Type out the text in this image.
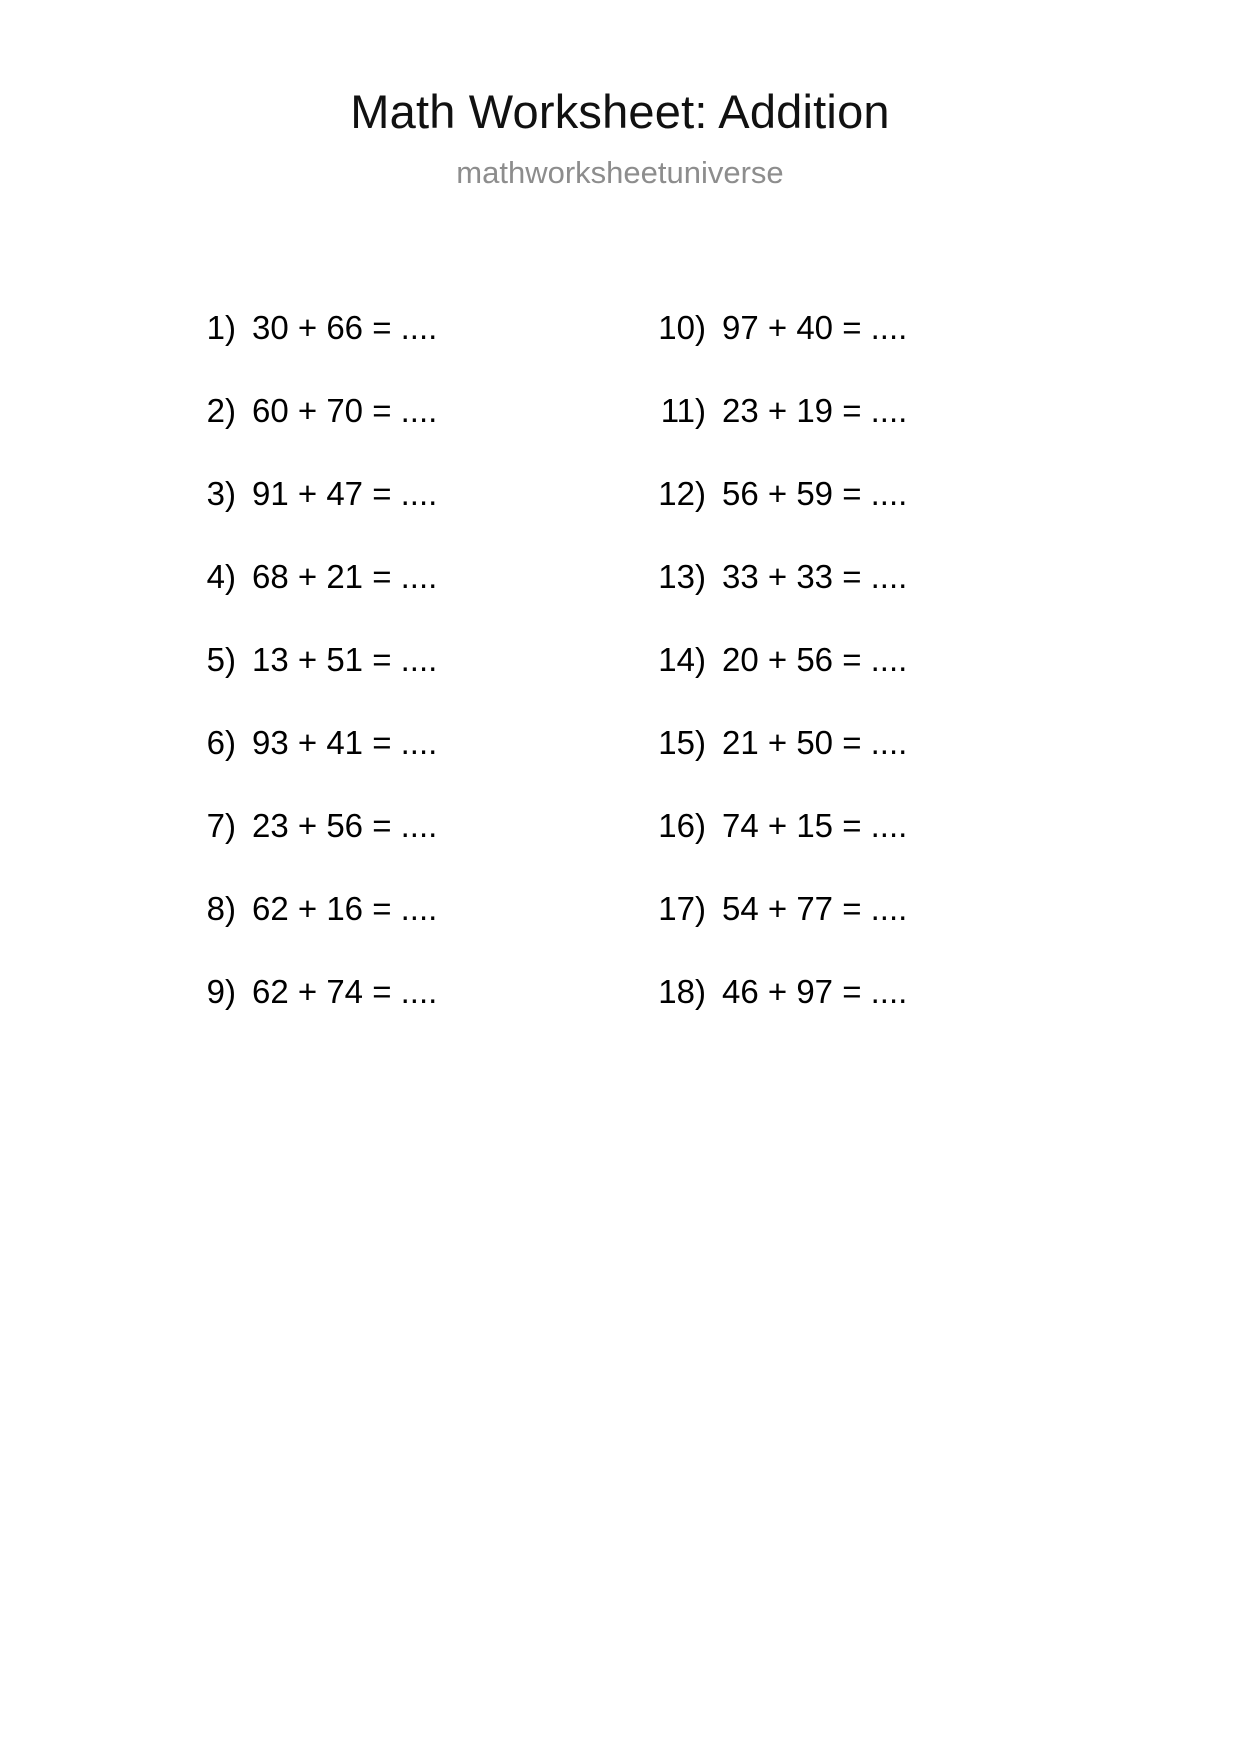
Math Worksheet: Addition
mathworksheetuniverse
1) 30 + 66 = ....
2) 60 + 70 = ....
3) 91 + 47 = ....
4) 68 + 21 = ....
5) 13 + 51 = ....
6) 93 + 41 = ....
7) 23 + 56 = ....
8) 62 + 16 = ....
9) 62 + 74 = ....
10) 97 + 40 = ....
11) 23 + 19 = ....
12) 56 + 59 = ....
13) 33 + 33 = ....
14) 20 + 56 = ....
15) 21 + 50 = ....
16) 74 + 15 = ....
17) 54 + 77 = ....
18) 46 + 97 = ....
